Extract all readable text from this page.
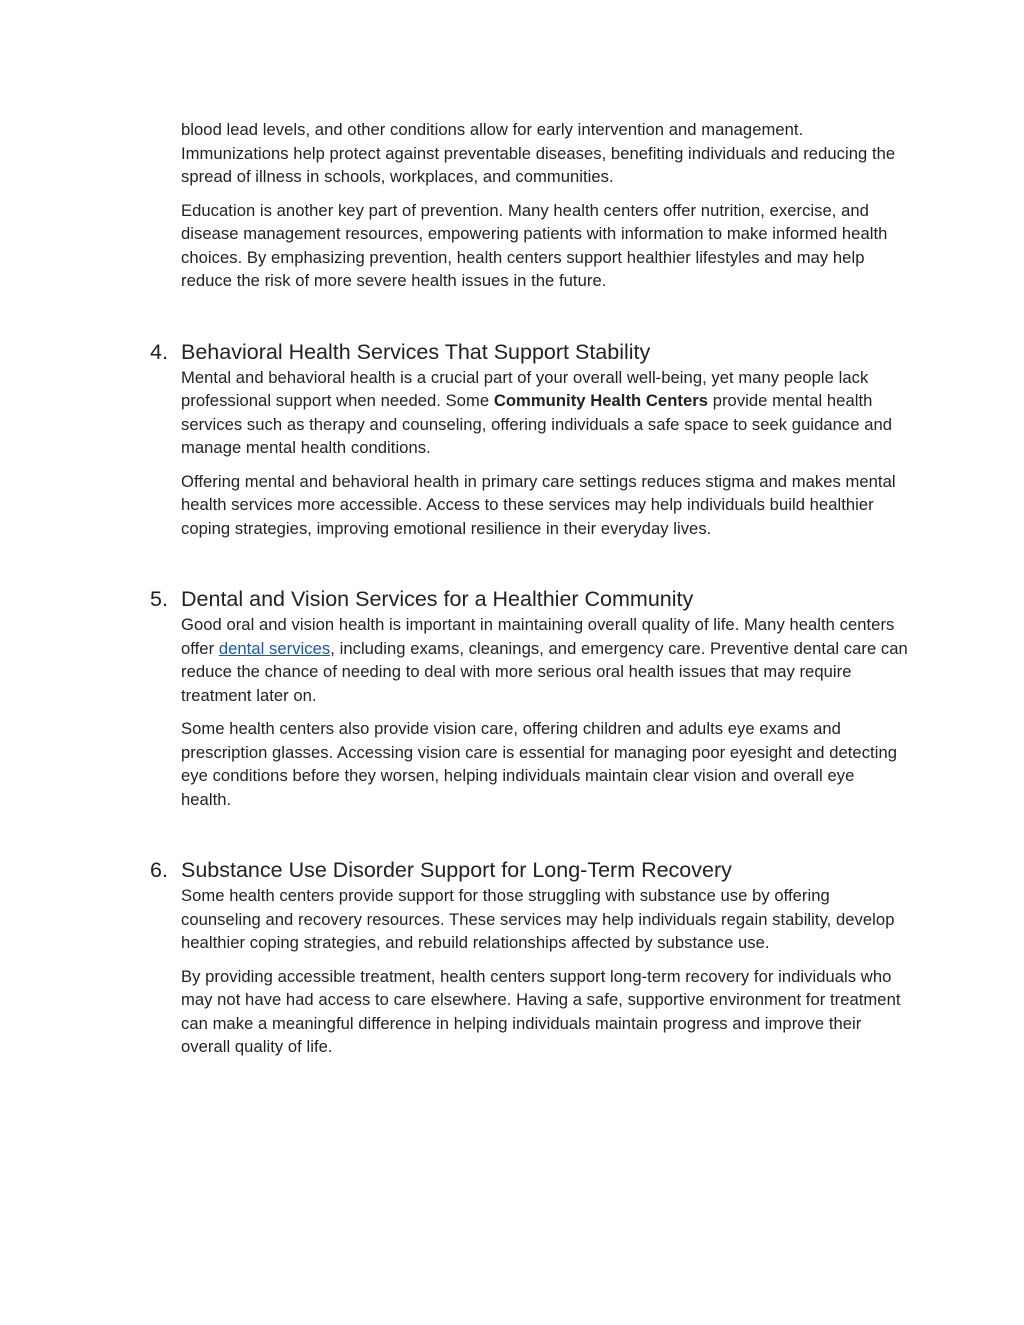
blood lead levels, and other conditions allow for early intervention and management. Immunizations help protect against preventable diseases, benefiting individuals and reducing the spread of illness in schools, workplaces, and communities.

Education is another key part of prevention. Many health centers offer nutrition, exercise, and disease management resources, empowering patients with information to make informed health choices. By emphasizing prevention, health centers support healthier lifestyles and may help reduce the risk of more severe health issues in the future.

4. Behavioral Health Services That Support Stability

Mental and behavioral health is a crucial part of your overall well-being, yet many people lack professional support when needed. Some Community Health Centers provide mental health services such as therapy and counseling, offering individuals a safe space to seek guidance and manage mental health conditions.

Offering mental and behavioral health in primary care settings reduces stigma and makes mental health services more accessible. Access to these services may help individuals build healthier coping strategies, improving emotional resilience in their everyday lives.

5. Dental and Vision Services for a Healthier Community

Good oral and vision health is important in maintaining overall quality of life. Many health centers offer dental services, including exams, cleanings, and emergency care. Preventive dental care can reduce the chance of needing to deal with more serious oral health issues that may require treatment later on.

Some health centers also provide vision care, offering children and adults eye exams and prescription glasses. Accessing vision care is essential for managing poor eyesight and detecting eye conditions before they worsen, helping individuals maintain clear vision and overall eye health.

6. Substance Use Disorder Support for Long-Term Recovery

Some health centers provide support for those struggling with substance use by offering counseling and recovery resources. These services may help individuals regain stability, develop healthier coping strategies, and rebuild relationships affected by substance use.

By providing accessible treatment, health centers support long-term recovery for individuals who may not have had access to care elsewhere. Having a safe, supportive environment for treatment can make a meaningful difference in helping individuals maintain progress and improve their overall quality of life.
